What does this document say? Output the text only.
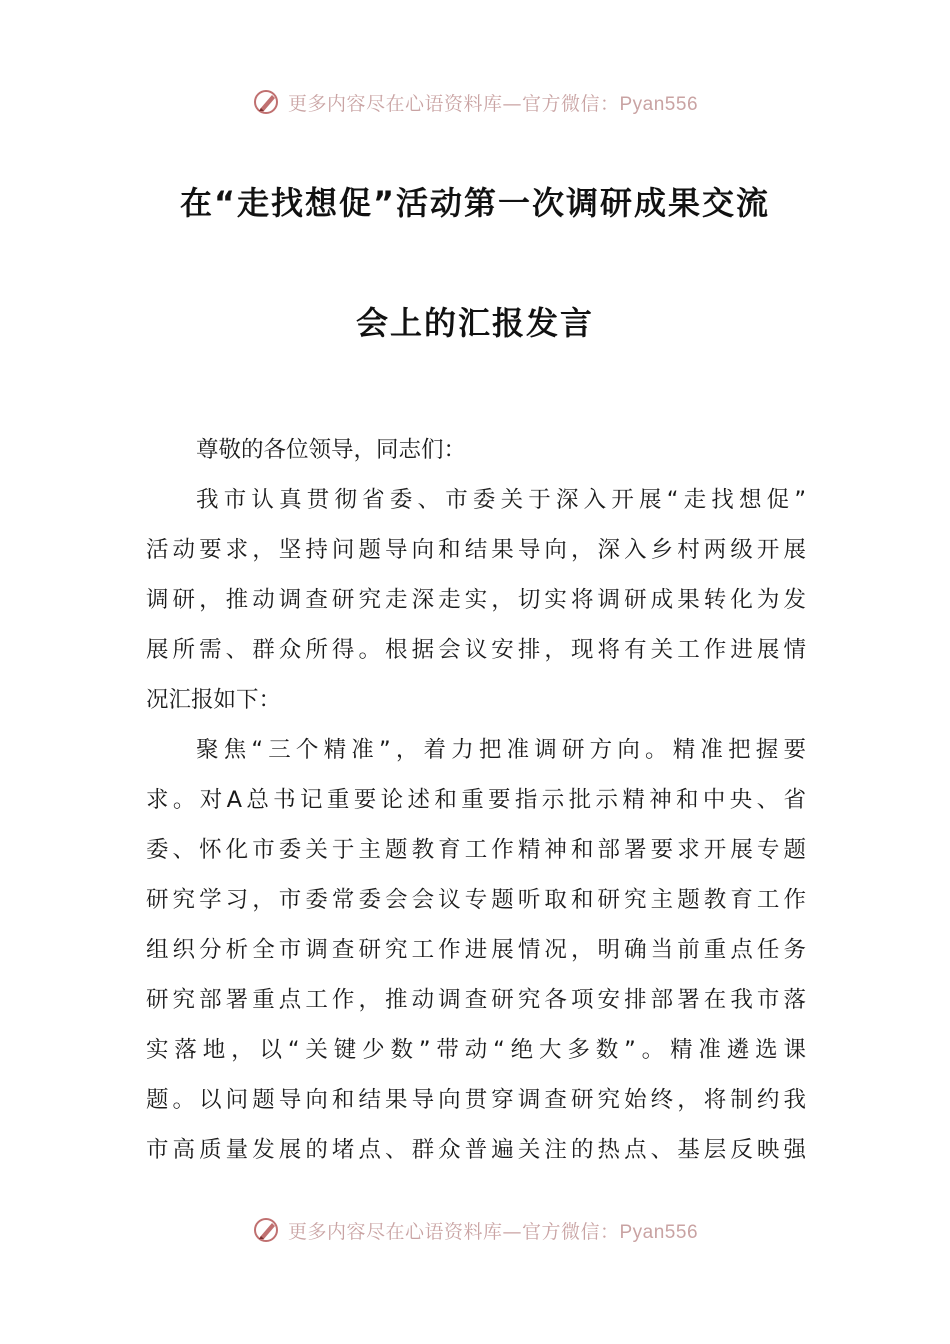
更多内容尽在心语资料库—官方微信：Pyan556
在“走找想促”活动第一次调研成果交流
会上的汇报发言
尊敬的各位领导，同志们：
我市认真贯彻省委、市委关于深入开展“走找想促”
活动要求，坚持问题导向和结果导向，深入乡村两级开展
调研，推动调查研究走深走实，切实将调研成果转化为发
展所需、群众所得。根据会议安排，现将有关工作进展情
况汇报如下：
聚焦“三个精准”，着力把准调研方向。精准把握要
求。对A总书记重要论述和重要指示批示精神和中央、省
委、怀化市委关于主题教育工作精神和部署要求开展专题
研究学习，市委常委会会议专题听取和研究主题教育工作
组织分析全市调查研究工作进展情况，明确当前重点任务
研究部署重点工作，推动调查研究各项安排部署在我市落
实落地，以“关键少数”带动“绝大多数”。精准遴选课
题。以问题导向和结果导向贯穿调查研究始终，将制约我
市高质量发展的堵点、群众普遍关注的热点、基层反映强
更多内容尽在心语资料库—官方微信：Pyan556
